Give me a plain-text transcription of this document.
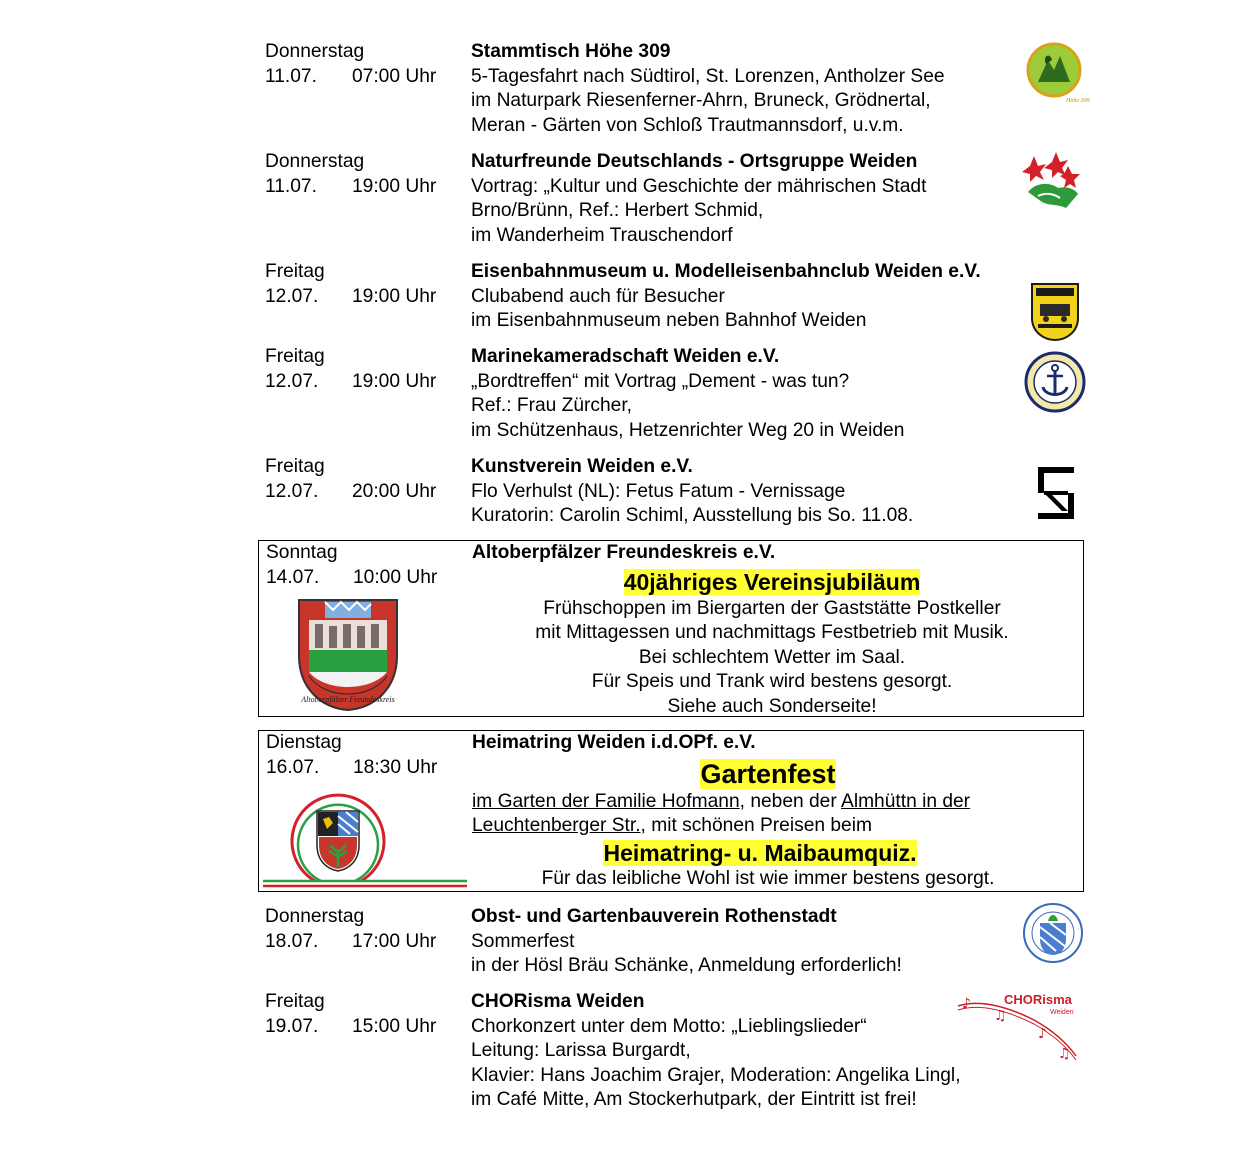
Donnerstag
11.07. 07:00 Uhr
Stammtisch Höhe 309
5-Tagesfahrt nach Südtirol, St. Lorenzen, Antholzer See
im Naturpark Riesenferner-Ahrn, Bruneck, Grödnertal,
Meran - Gärten von Schloß Trautmannsdorf, u.v.m.
Höhe 309
Donnerstag
11.07. 19:00 Uhr
Naturfreunde Deutschlands - Ortsgruppe Weiden
Vortrag: „Kultur und Geschichte der mährischen Stadt
Brno/Brünn, Ref.: Herbert Schmid,
im Wanderheim Trauschendorf
Freitag
12.07. 19:00 Uhr
Eisenbahnmuseum u. Modelleisenbahnclub Weiden e.V.
Clubabend auch für Besucher
im Eisenbahnmuseum neben Bahnhof Weiden
Freitag
12.07. 19:00 Uhr
Marinekameradschaft Weiden e.V.
„Bordtreffen“ mit Vortrag „Dement - was tun?
Ref.: Frau Zürcher,
im Schützenhaus, Hetzenrichter Weg 20 in Weiden
Freitag
12.07. 20:00 Uhr
Kunstverein Weiden e.V.
Flo Verhulst (NL): Fetus Fatum - Vernissage
Kuratorin: Carolin Schiml, Ausstellung bis So. 11.08.
Sonntag
14.07. 10:00 Uhr
Altoberpfälzer Freundeskreis e.V.
40jähriges Vereinsjubiläum
Frühschoppen im Biergarten der Gaststätte Postkeller
mit Mittagessen und nachmittags Festbetrieb mit Musik.
Bei schlechtem Wetter im Saal.
Für Speis und Trank wird bestens gesorgt.
Siehe auch Sonderseite!
Altoberpfälzer Freundeskreis
Dienstag
16.07. 18:30 Uhr
Heimatring Weiden i.d.OPf. e.V.
Gartenfest
im Garten der Familie Hofmann, neben der Almhüttn in der
Leuchtenberger Str., mit schönen Preisen beim
Heimatring- u. Maibaumquiz.
Für das leibliche Wohl ist wie immer bestens gesorgt.
Donnerstag
18.07. 17:00 Uhr
Obst- und Gartenbauverein Rothenstadt
Sommerfest
in der Hösl Bräu Schänke, Anmeldung erforderlich!
Freitag
19.07. 15:00 Uhr
CHORisma Weiden
Chorkonzert unter dem Motto: „Lieblingslieder“
Leitung: Larissa Burgardt,
Klavier: Hans Joachim Grajer, Moderation: Angelika Lingl,
im Café Mitte, Am Stockerhutpark, der Eintritt ist frei!
♪
♫
♪
♫
CHORisma
Weiden
